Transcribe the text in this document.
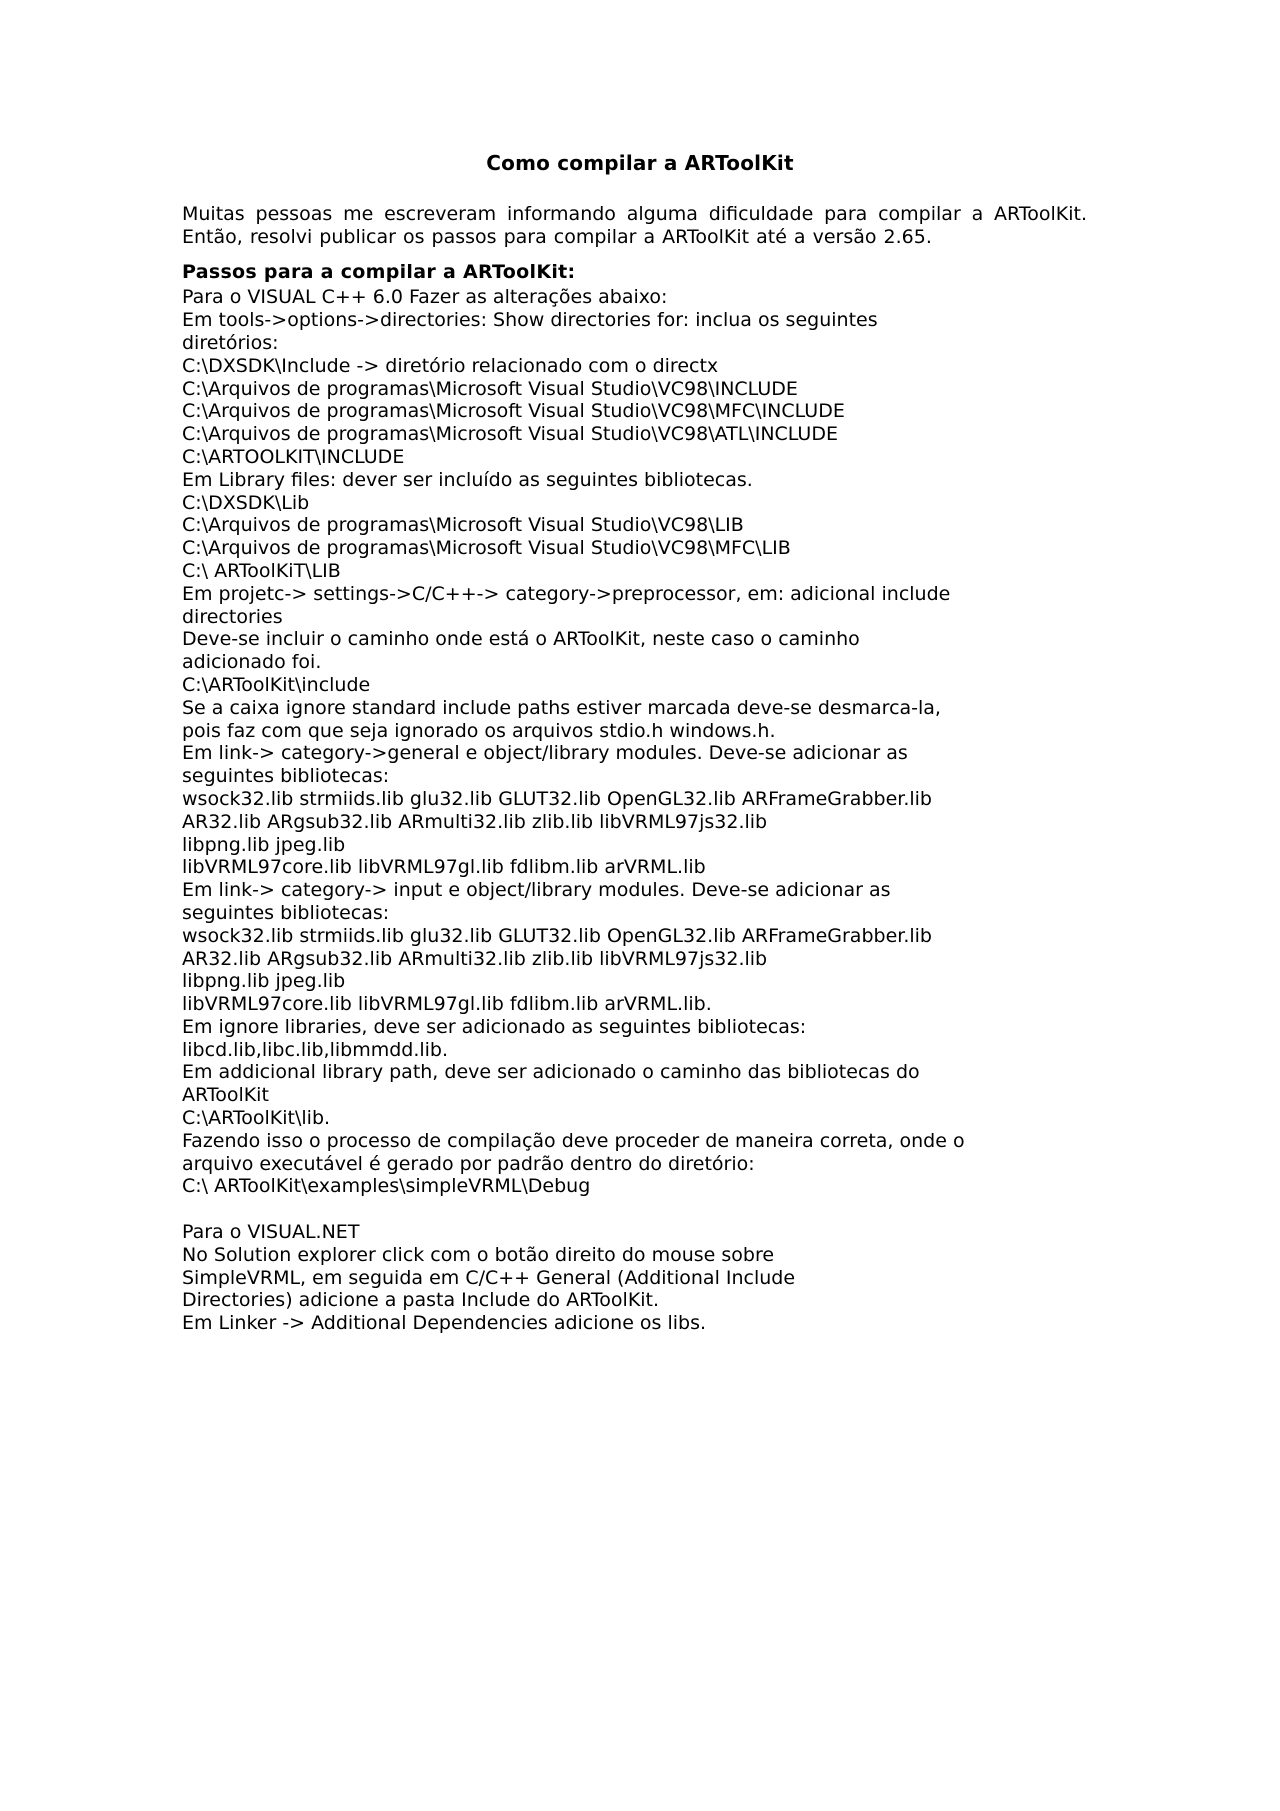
Como compilar a ARToolKit

Muitas pessoas me escreveram informando alguma dificuldade para compilar a ARToolKit. Então, resolvi publicar os passos para compilar a ARToolKit até a versão 2.65.

Passos para a compilar a ARToolKit:

Para o VISUAL C++ 6.0 Fazer as alterações abaixo:

Em tools->options->directories: Show directories for: inclua os seguintes

diretórios:

C:\DXSDK\Include -> diretório relacionado com o directx

C:\Arquivos de programas\Microsoft Visual Studio\VC98\INCLUDE

C:\Arquivos de programas\Microsoft Visual Studio\VC98\MFC\INCLUDE

C:\Arquivos de programas\Microsoft Visual Studio\VC98\ATL\INCLUDE

C:\ARTOOLKIT\INCLUDE

Em Library files: dever ser incluído as seguintes bibliotecas.

C:\DXSDK\Lib

C:\Arquivos de programas\Microsoft Visual Studio\VC98\LIB

C:\Arquivos de programas\Microsoft Visual Studio\VC98\MFC\LIB

C:\ ARToolKiT\LIB

Em projetc-> settings->C/C++-> category->preprocessor, em: adicional include

directories

Deve-se incluir o caminho onde está o ARToolKit, neste caso o caminho

adicionado foi.

C:\ARToolKit\include

Se a caixa ignore standard include paths estiver marcada deve-se desmarca-la,

pois faz com que seja ignorado os arquivos stdio.h windows.h.

Em link-> category->general e object/library modules. Deve-se adicionar as

seguintes bibliotecas:

wsock32.lib strmiids.lib glu32.lib GLUT32.lib OpenGL32.lib ARFrameGrabber.lib

AR32.lib ARgsub32.lib ARmulti32.lib zlib.lib libVRML97js32.lib

libpng.lib jpeg.lib

libVRML97core.lib libVRML97gl.lib fdlibm.lib arVRML.lib

Em link-> category-> input e object/library modules. Deve-se adicionar as

seguintes bibliotecas:

wsock32.lib strmiids.lib glu32.lib GLUT32.lib OpenGL32.lib ARFrameGrabber.lib

AR32.lib ARgsub32.lib ARmulti32.lib zlib.lib libVRML97js32.lib

libpng.lib jpeg.lib

libVRML97core.lib libVRML97gl.lib fdlibm.lib arVRML.lib.

Em ignore libraries, deve ser adicionado as seguintes bibliotecas:

libcd.lib,libc.lib,libmmdd.lib.

Em addicional library path, deve ser adicionado o caminho das bibliotecas do

ARToolKit

C:\ARToolKit\lib.

Fazendo isso o processo de compilação deve proceder de maneira correta, onde o

arquivo executável é gerado por padrão dentro do diretório:

C:\ ARToolKit\examples\simpleVRML\Debug

Para o VISUAL.NET

No Solution explorer click com o botão direito do mouse sobre

SimpleVRML, em seguida em C/C++ General (Additional Include

Directories) adicione a pasta Include do ARToolKit.

Em Linker -> Additional Dependencies adicione os libs.
